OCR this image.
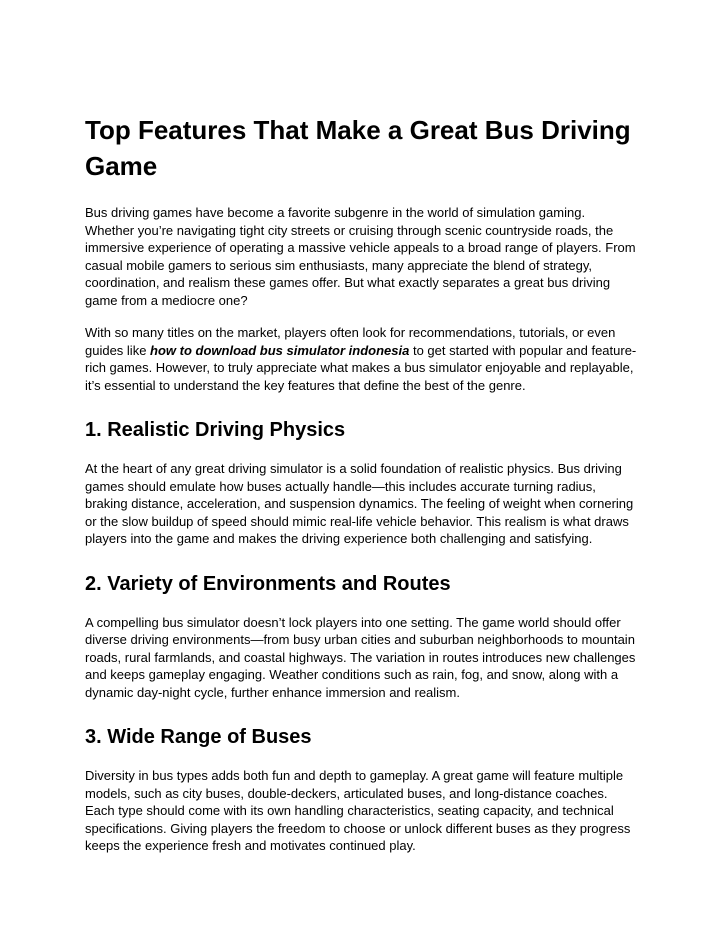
Top Features That Make a Great Bus Driving Game

Bus driving games have become a favorite subgenre in the world of simulation gaming. Whether you’re navigating tight city streets or cruising through scenic countryside roads, the immersive experience of operating a massive vehicle appeals to a broad range of players. From casual mobile gamers to serious sim enthusiasts, many appreciate the blend of strategy, coordination, and realism these games offer. But what exactly separates a great bus driving game from a mediocre one?

With so many titles on the market, players often look for recommendations, tutorials, or even guides like how to download bus simulator indonesia to get started with popular and feature-rich games. However, to truly appreciate what makes a bus simulator enjoyable and replayable, it’s essential to understand the key features that define the best of the genre.

1. Realistic Driving Physics

At the heart of any great driving simulator is a solid foundation of realistic physics. Bus driving games should emulate how buses actually handle—this includes accurate turning radius, braking distance, acceleration, and suspension dynamics. The feeling of weight when cornering or the slow buildup of speed should mimic real-life vehicle behavior. This realism is what draws players into the game and makes the driving experience both challenging and satisfying.

2. Variety of Environments and Routes

A compelling bus simulator doesn’t lock players into one setting. The game world should offer diverse driving environments—from busy urban cities and suburban neighborhoods to mountain roads, rural farmlands, and coastal highways. The variation in routes introduces new challenges and keeps gameplay engaging. Weather conditions such as rain, fog, and snow, along with a dynamic day-night cycle, further enhance immersion and realism.

3. Wide Range of Buses

Diversity in bus types adds both fun and depth to gameplay. A great game will feature multiple models, such as city buses, double-deckers, articulated buses, and long-distance coaches. Each type should come with its own handling characteristics, seating capacity, and technical specifications. Giving players the freedom to choose or unlock different buses as they progress keeps the experience fresh and motivates continued play.
